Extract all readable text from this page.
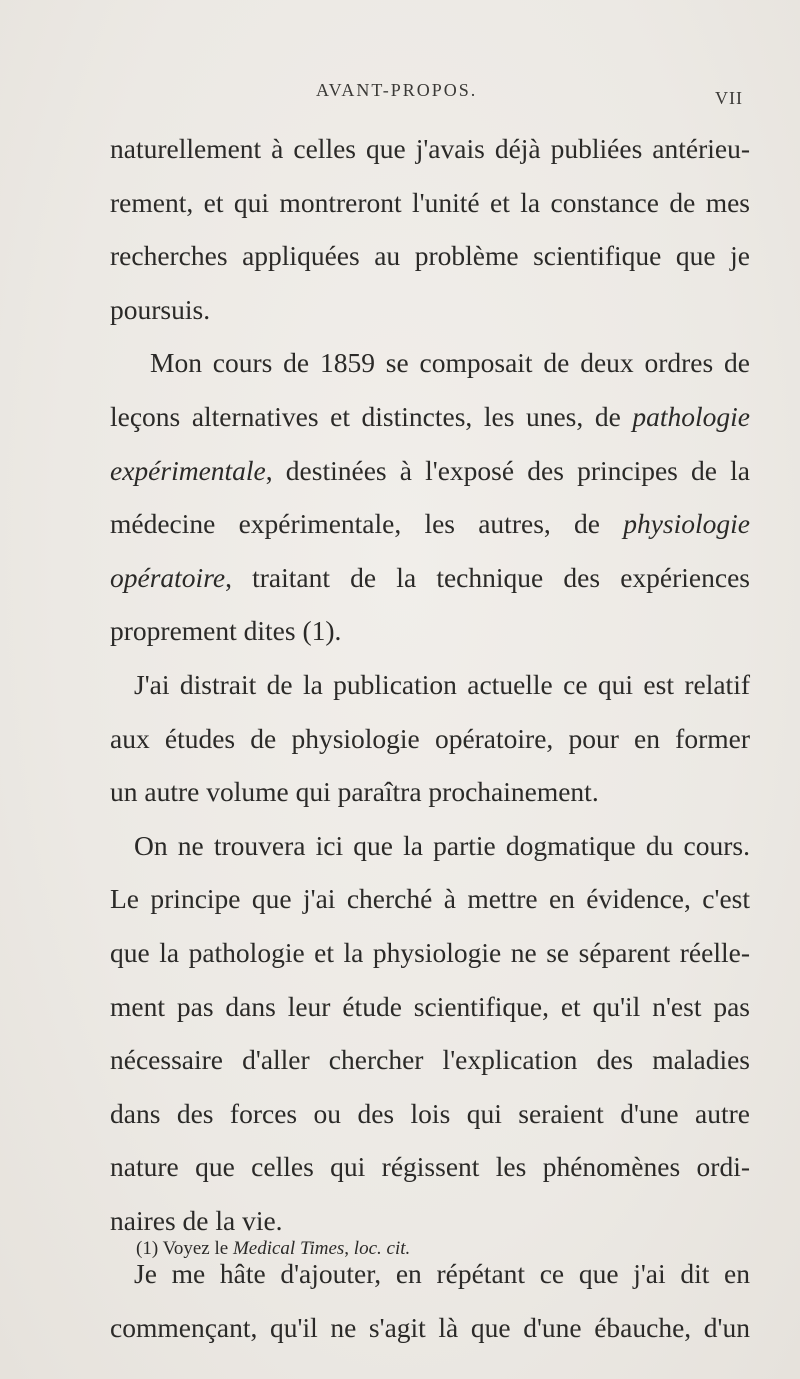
AVANT-PROPOS.	VII
naturellement à celles que j'avais déjà publiées antérieu-
rement, et qui montreront l'unité et la constance de mes
recherches appliquées au problème scientifique que je
poursuis.
Mon cours de 1859 se composait de deux ordres de
leçons alternatives et distinctes, les unes, de pathologie
expérimentale, destinées à l'exposé des principes de la
médecine expérimentale, les autres, de physiologie
opératoire, traitant de la technique des expériences
proprement dites (1).
J'ai distrait de la publication actuelle ce qui est relatif
aux études de physiologie opératoire, pour en former
un autre volume qui paraîtra prochainement.
On ne trouvera ici que la partie dogmatique du cours.
Le principe que j'ai cherché à mettre en évidence, c'est
que la pathologie et la physiologie ne se séparent réelle-
ment pas dans leur étude scientifique, et qu'il n'est pas
nécessaire d'aller chercher l'explication des maladies
dans des forces ou des lois qui seraient d'une autre
nature que celles qui régissent les phénomènes ordi-
naires de la vie.
Je me hâte d'ajouter, en répétant ce que j'ai dit en
commençant, qu'il ne s'agit là que d'une ébauche, d'un
(1) Voyez le Medical Times, loc. cit.
